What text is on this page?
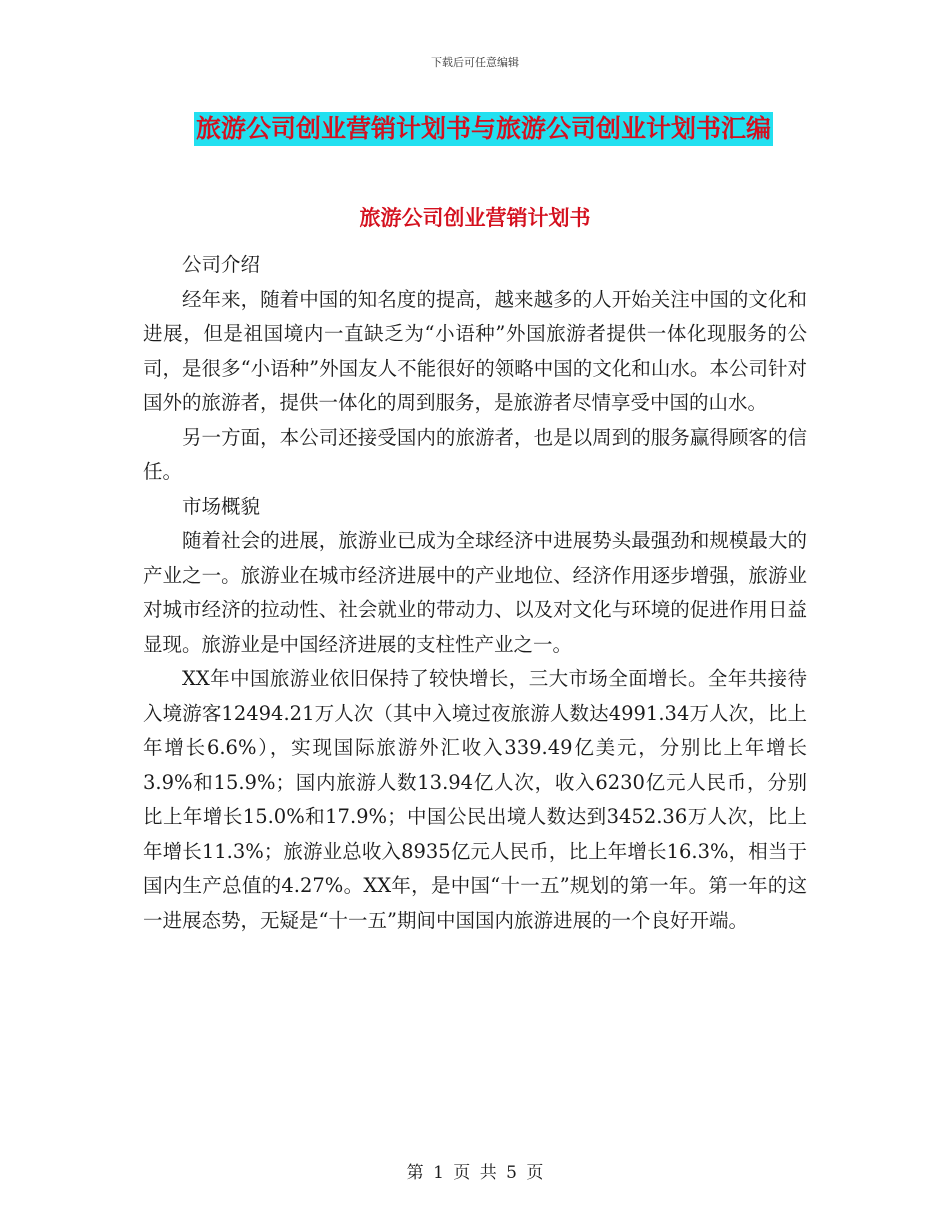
下载后可任意编辑
旅游公司创业营销计划书与旅游公司创业计划书汇编
旅游公司创业营销计划书

公司介绍

经年来，随着中国的知名度的提高，越来越多的人开始关注中国的文化和进展，但是祖国境内一直缺乏为“小语种”外国旅游者提供一体化现服务的公司，是很多“小语种”外国友人不能很好的领略中国的文化和山水。本公司针对国外的旅游者，提供一体化的周到服务，是旅游者尽情享受中国的山水。

另一方面，本公司还接受国内的旅游者，也是以周到的服务赢得顾客的信任。

市场概貌

随着社会的进展，旅游业已成为全球经济中进展势头最强劲和规模最大的产业之一。旅游业在城市经济进展中的产业地位、经济作用逐步增强，旅游业对城市经济的拉动性、社会就业的带动力、以及对文化与环境的促进作用日益显现。旅游业是中国经济进展的支柱性产业之一。

XX年中国旅游业依旧保持了较快增长，三大市场全面增长。全年共接待入境游客12494.21万人次（其中入境过夜旅游人数达4991.34万人次，比上年增长6.6%），实现国际旅游外汇收入339.49亿美元，分别比上年增长3.9%和15.9%；国内旅游人数13.94亿人次，收入6230亿元人民币，分别比上年增长15.0%和17.9%；中国公民出境人数达到3452.36万人次，比上年增长11.3%；旅游业总收入8935亿元人民币，比上年增长16.3%，相当于国内生产总值的4.27%。XX年，是中国“十一五”规划的第一年。第一年的这一进展态势，无疑是“十一五”期间中国国内旅游进展的一个良好开端。

第 1 页 共 5 页
